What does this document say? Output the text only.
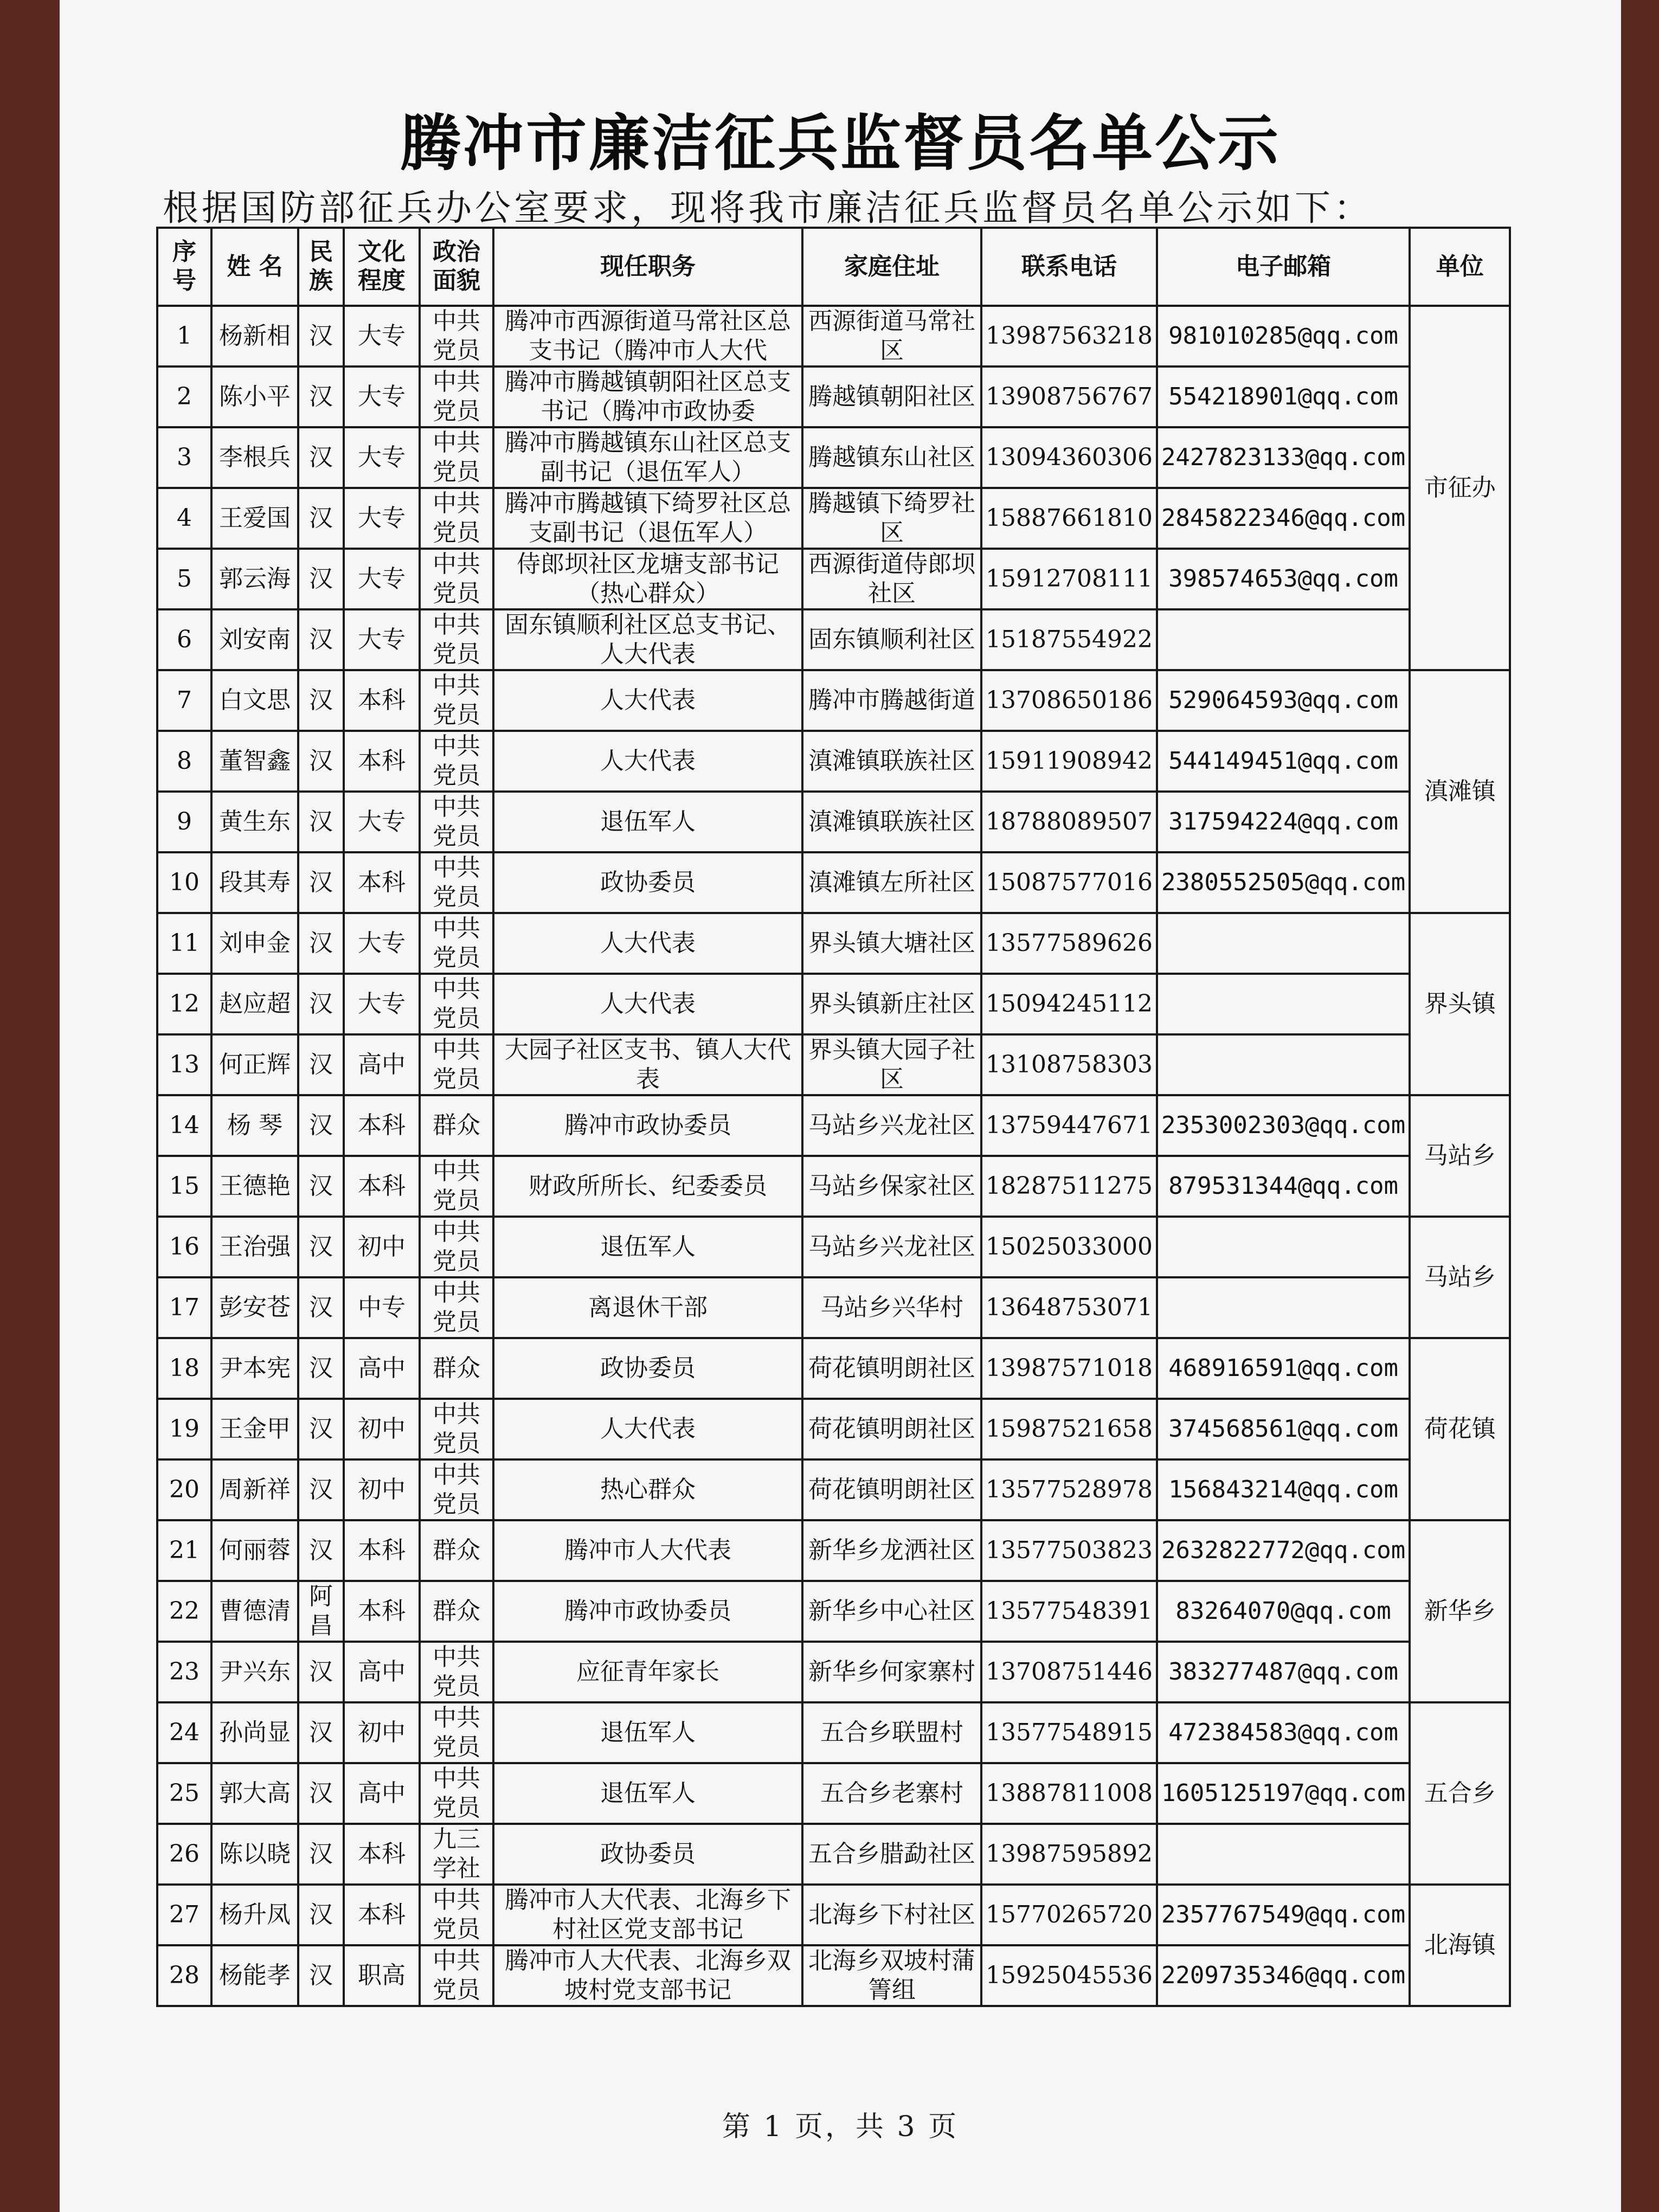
腾冲市廉洁征兵监督员名单公示
根据国防部征兵办公室要求，现将我市廉洁征兵监督员名单公示如下：
序号	姓 名	民族	文化程度	政治面貌	现任职务	家庭住址	联系电话	电子邮箱	单位
1	杨新相	汉	大专	中共党员	腾冲市西源街道马常社区总支书记（腾冲市人大代	西源街道马常社区	13987563218	981010285@qq.com	市征办
2	陈小平	汉	大专	中共党员	腾冲市腾越镇朝阳社区总支书记（腾冲市政协委	腾越镇朝阳社区	13908756767	554218901@qq.com	
3	李根兵	汉	大专	中共党员	腾冲市腾越镇东山社区总支副书记（退伍军人）	腾越镇东山社区	13094360306	2427823133@qq.com	
4	王爱国	汉	大专	中共党员	腾冲市腾越镇下绮罗社区总支副书记（退伍军人）	腾越镇下绮罗社区	15887661810	2845822346@qq.com	
5	郭云海	汉	大专	中共党员	侍郎坝社区龙塘支部书记（热心群众）	西源街道侍郎坝社区	15912708111	398574653@qq.com	
6	刘安南	汉	大专	中共党员	固东镇顺利社区总支书记、人大代表	固东镇顺利社区	15187554922		
7	白文思	汉	本科	中共党员	人大代表	腾冲市腾越街道	13708650186	529064593@qq.com	滇滩镇
8	董智鑫	汉	本科	中共党员	人大代表	滇滩镇联族社区	15911908942	544149451@qq.com	
9	黄生东	汉	大专	中共党员	退伍军人	滇滩镇联族社区	18788089507	317594224@qq.com	
10	段其寿	汉	本科	中共党员	政协委员	滇滩镇左所社区	15087577016	2380552505@qq.com	
11	刘申金	汉	大专	中共党员	人大代表	界头镇大塘社区	13577589626		界头镇
12	赵应超	汉	大专	中共党员	人大代表	界头镇新庄社区	15094245112		
13	何正辉	汉	高中	中共党员	大园子社区支书、镇人大代表	界头镇大园子社区	13108758303		
14	杨 琴	汉	本科	群众	腾冲市政协委员	马站乡兴龙社区	13759447671	2353002303@qq.com	马站乡
15	王德艳	汉	本科	中共党员	财政所所长、纪委委员	马站乡保家社区	18287511275	879531344@qq.com	
16	王治强	汉	初中	中共党员	退伍军人	马站乡兴龙社区	15025033000		马站乡
17	彭安苍	汉	中专	中共党员	离退休干部	马站乡兴华村	13648753071		
18	尹本宪	汉	高中	群众	政协委员	荷花镇明朗社区	13987571018	468916591@qq.com	荷花镇
19	王金甲	汉	初中	中共党员	人大代表	荷花镇明朗社区	15987521658	374568561@qq.com	
20	周新祥	汉	初中	中共党员	热心群众	荷花镇明朗社区	13577528978	156843214@qq.com	
21	何丽蓉	汉	本科	群众	腾冲市人大代表	新华乡龙洒社区	13577503823	2632822772@qq.com	新华乡
22	曹德清	阿昌	本科	群众	腾冲市政协委员	新华乡中心社区	13577548391	83264070@qq.com	
23	尹兴东	汉	高中	中共党员	应征青年家长	新华乡何家寨村	13708751446	383277487@qq.com	
24	孙尚显	汉	初中	中共党员	退伍军人	五合乡联盟村	13577548915	472384583@qq.com	五合乡
25	郭大高	汉	高中	中共党员	退伍军人	五合乡老寨村	13887811008	1605125197@qq.com	
26	陈以晓	汉	本科	九三学社	政协委员	五合乡腊勐社区	13987595892		
27	杨升凤	汉	本科	中共党员	腾冲市人大代表、北海乡下村社区党支部书记	北海乡下村社区	15770265720	2357767549@qq.com	北海镇
28	杨能孝	汉	职高	中共党员	腾冲市人大代表、北海乡双坡村党支部书记	北海乡双坡村蒲箐组	15925045536	2209735346@qq.com	
第 1 页，共 3 页
